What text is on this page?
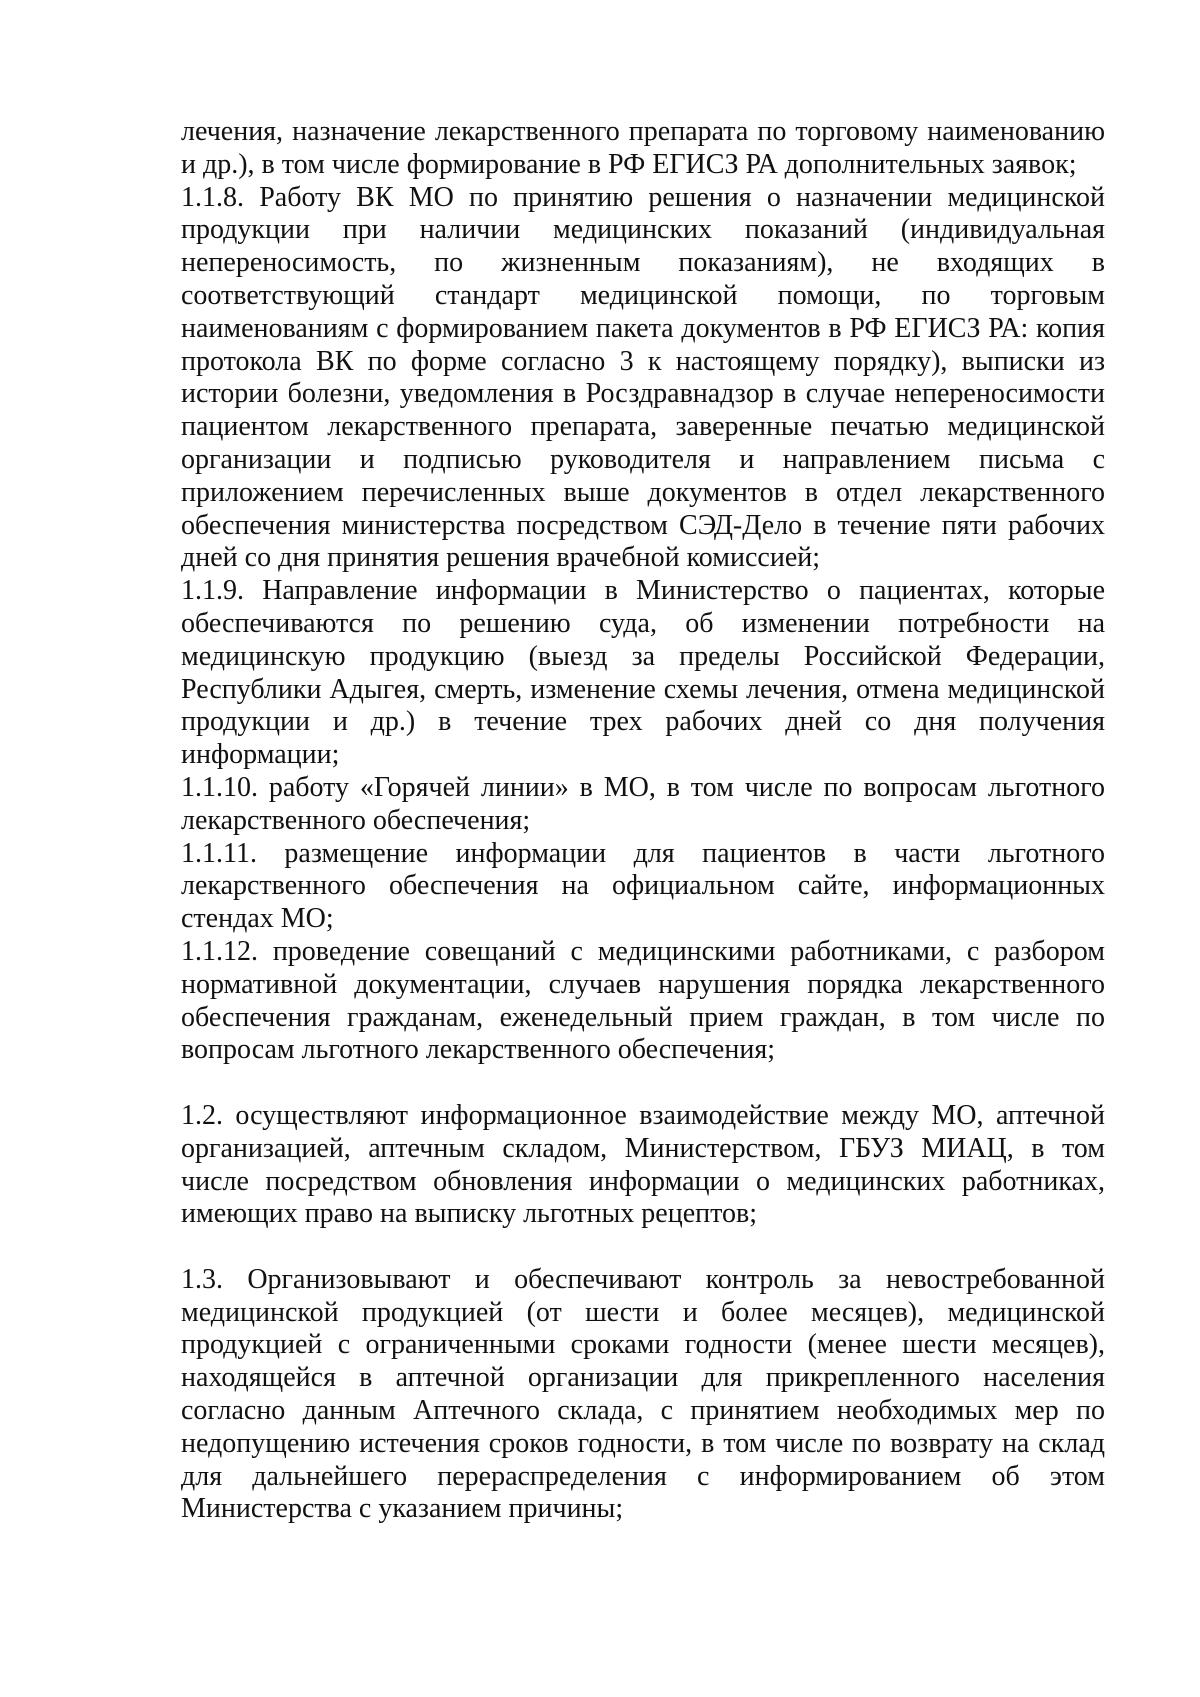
лечения, назначение лекарственного препарата по торговому наименованию и др.), в том числе формирование в РФ ЕГИСЗ РА дополнительных заявок;

1.1.8. Работу ВК МО по принятию решения о назначении медицинской продукции при наличии медицинских показаний (индивидуальная непереносимость, по жизненным показаниям), не входящих в соответствующий стандарт медицинской помощи, по торговым наименованиям с формированием пакета документов в РФ ЕГИСЗ РА: копия протокола ВК по форме согласно 3 к настоящему порядку), выписки из истории болезни, уведомления в Росздравнадзор в случае непереносимости пациентом лекарственного препарата, заверенные печатью медицинской организации и подписью руководителя и направлением письма с приложением перечисленных выше документов в отдел лекарственного обеспечения министерства посредством СЭД-Дело в течение пяти рабочих дней со дня принятия решения врачебной комиссией;

1.1.9. Направление информации в Министерство о пациентах, которые обеспечиваются по решению суда, об изменении потребности на медицинскую продукцию (выезд за пределы Российской Федерации, Республики Адыгея, смерть, изменение схемы лечения, отмена медицинской продукции и др.) в течение трех рабочих дней со дня получения информации;

1.1.10. работу «Горячей линии» в МО, в том числе по вопросам льготного лекарственного обеспечения;

1.1.11. размещение информации для пациентов в части льготного лекарственного обеспечения на официальном сайте, информационных стендах МО;

1.1.12. проведение совещаний с медицинскими работниками, с разбором нормативной документации, случаев нарушения порядка лекарственного обеспечения гражданам, еженедельный прием граждан, в том числе по вопросам льготного лекарственного обеспечения;

1.2. осуществляют информационное взаимодействие между МО, аптечной организацией, аптечным складом, Министерством, ГБУЗ МИАЦ, в том числе посредством обновления информации о медицинских работниках, имеющих право на выписку льготных рецептов;

1.3. Организовывают и обеспечивают контроль за невостребованной медицинской продукцией (от шести и более месяцев), медицинской продукцией с ограниченными сроками годности (менее шести месяцев), находящейся в аптечной организации для прикрепленного населения согласно данным Аптечного склада, с принятием необходимых мер по недопущению истечения сроков годности, в том числе по возврату на склад для дальнейшего перераспределения с информированием об этом Министерства с указанием причины;
